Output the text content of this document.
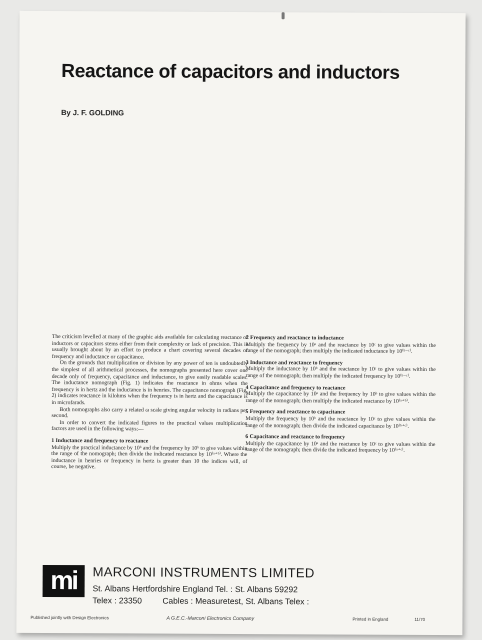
Reactance of capacitors and inductors
By J. F. GOLDING

The criticism levelled at many of the graphic aids available for calculating reactance of inductors or capacitors stems either from their complexity or lack of precision. This is usually brought about by an effort to produce a chart covering several decades of frequency and inductance or capacitance.

On the grounds that multiplication or division by any power of ten is undoubtedly the simplest of all arithmetical processes, the nomographs presented here cover one decade only of frequency, capacitance and inductance, to give easily readable scales. The inductance nomograph (Fig. 1) indicates the reactance in ohms when the frequency is in hertz and the inductance is in henries. The capacitance nomograph (Fig. 2) indicates reactance in kilohms when the frequency is in hertz and the capacitance is in microfarads.

Both nomographs also carry a related ω scale giving angular velocity in radians per second.

In order to convert the indicated figures to the practical values multiplication factors are used in the following ways:—

1 Inductance and frequency to reactance

Multiply the practical inductance by 10ᵇ and the frequency by 10ᵇ to give values within the range of the nomograph; then divide the indicated reactance by 10⁽ᵃ⁺ᵇ⁾. Where the inductance in henries or frequency in hertz is greater than 10 the indices will, of course, be negative.

2 Frequency and reactance to inductance

Multiply the frequency by 10ᵃ and the reactance by 10ᶜ to give values within the range of the nomograph; then multiply the indicated inductance by 10⁽ᵇ⁻ᶜ⁾.

3 Inductance and reactance to frequency

Multiply the inductance by 10ᵇ and the reactance by 10ᶜ to give values within the range of the nomograph; then multiply the indicated frequency by 10⁽ᵇ⁻ᶜ⁾.

4 Capacitance and frequency to reactance

Multiply the capacitance by 10ᵃ and the frequency by 10ᵇ to give values within the range of the nomograph; then multiply the indicated reactance by 10⁽ᵃ⁺ᵇ⁾.

5 Frequency and reactance to capacitance

Multiply the frequency by 10ᵇ and the reactance by 10ᶜ to give values within the range of the nomograph; then divide the indicated capacitance by 10⁽ᵇ⁺ᶜ⁾.

6 Capacitance and reactance to frequency

Multiply the capacitance by 10ᵃ and the reactance by 10ᶜ to give values within the range of the nomograph; then divide the indicated frequency by 10⁽ᵃ⁺ᶜ⁾.

mi	MARCONI INSTRUMENTS LIMITED
St. Albans Hertfordshire England Tel. : St. Albans 59292
Telex : 23350 Cables : Measuretest, St. Albans Telex :
Published jointly with Design Electronics	A G.E.C.-Marconi Electronics Company	Printed in England	11/70
